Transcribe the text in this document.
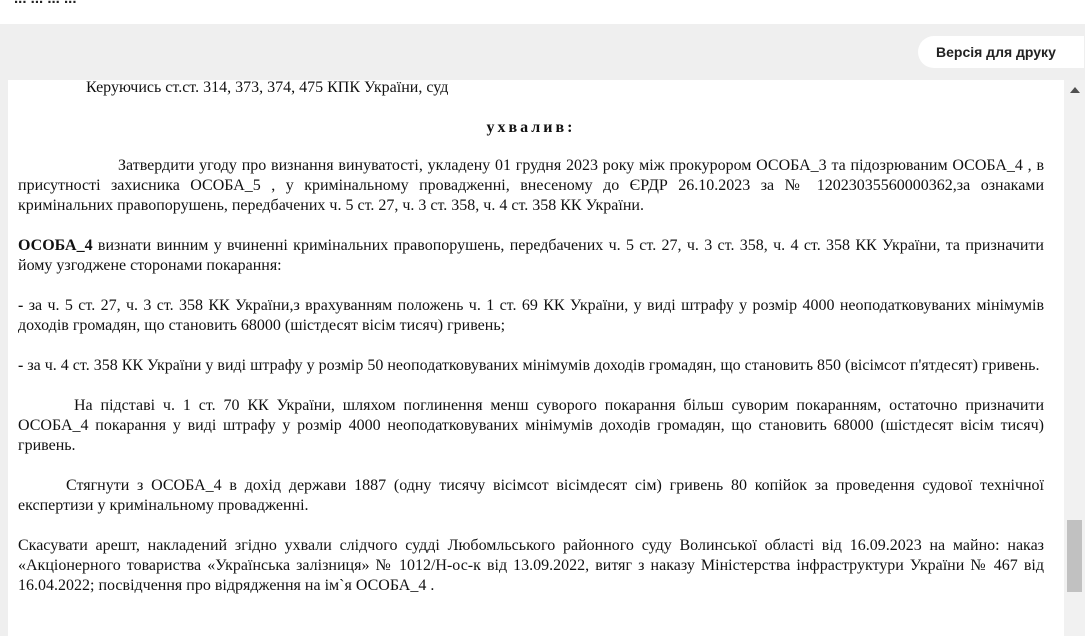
Версія для друку

Керуючись ст.ст. 314, 373, 374, 475 КПК України, суд

ухвалив:

Затвердити угоду про визнання винуватості, укладену 01 грудня 2023 року між прокурором ОСОБА_3 та підозрюваним ОСОБА_4 , в присутності захисника ОСОБА_5 , у кримінальному провадженні, внесеному до ЄРДР 26.10.2023 за № 12023035560000362,за ознаками кримінальних правопорушень, передбачених ч. 5 ст. 27, ч. 3 ст. 358, ч. 4 ст. 358 КК України.

ОСОБА_4 визнати винним у вчиненні кримінальних правопорушень, передбачених ч. 5 ст. 27, ч. 3 ст. 358, ч. 4 ст. 358 КК України, та призначити йому узгоджене сторонами покарання:

- за ч. 5 ст. 27, ч. 3 ст. 358 КК України,з врахуванням положень ч. 1 ст. 69 КК України, у виді штрафу у розмір 4000 неоподатковуваних мінімумів доходів громадян, що становить 68000 (шістдесят вісім тисяч) гривень;

- за ч. 4 ст. 358 КК України у виді штрафу у розмір 50 неоподатковуваних мінімумів доходів громадян, що становить 850 (вісімсот п'ятдесят) гривень.

На підставі ч. 1 ст. 70 КК України, шляхом поглинення менш суворого покарання більш суворим покаранням, остаточно призначити ОСОБА_4 покарання у виді штрафу у розмір 4000 неоподатковуваних мінімумів доходів громадян, що становить 68000 (шістдесят вісім тисяч) гривень.

Стягнути з ОСОБА_4 в дохід держави 1887 (одну тисячу вісімсот вісімдесят сім) гривень 80 копійок за проведення судової технічної експертизи у кримінальному провадженні.

Скасувати арешт, накладений згідно ухвали слідчого судді Любомльського районного суду Волинської області від 16.09.2023 на майно: наказ «Акціонерного товариства «Українська залізниця» № 1012/Н-ос-к від 13.09.2022, витяг з наказу Міністерства інфраструктури України № 467 від 16.04.2022; посвідчення про відрядження на ім`я ОСОБА_4 .
